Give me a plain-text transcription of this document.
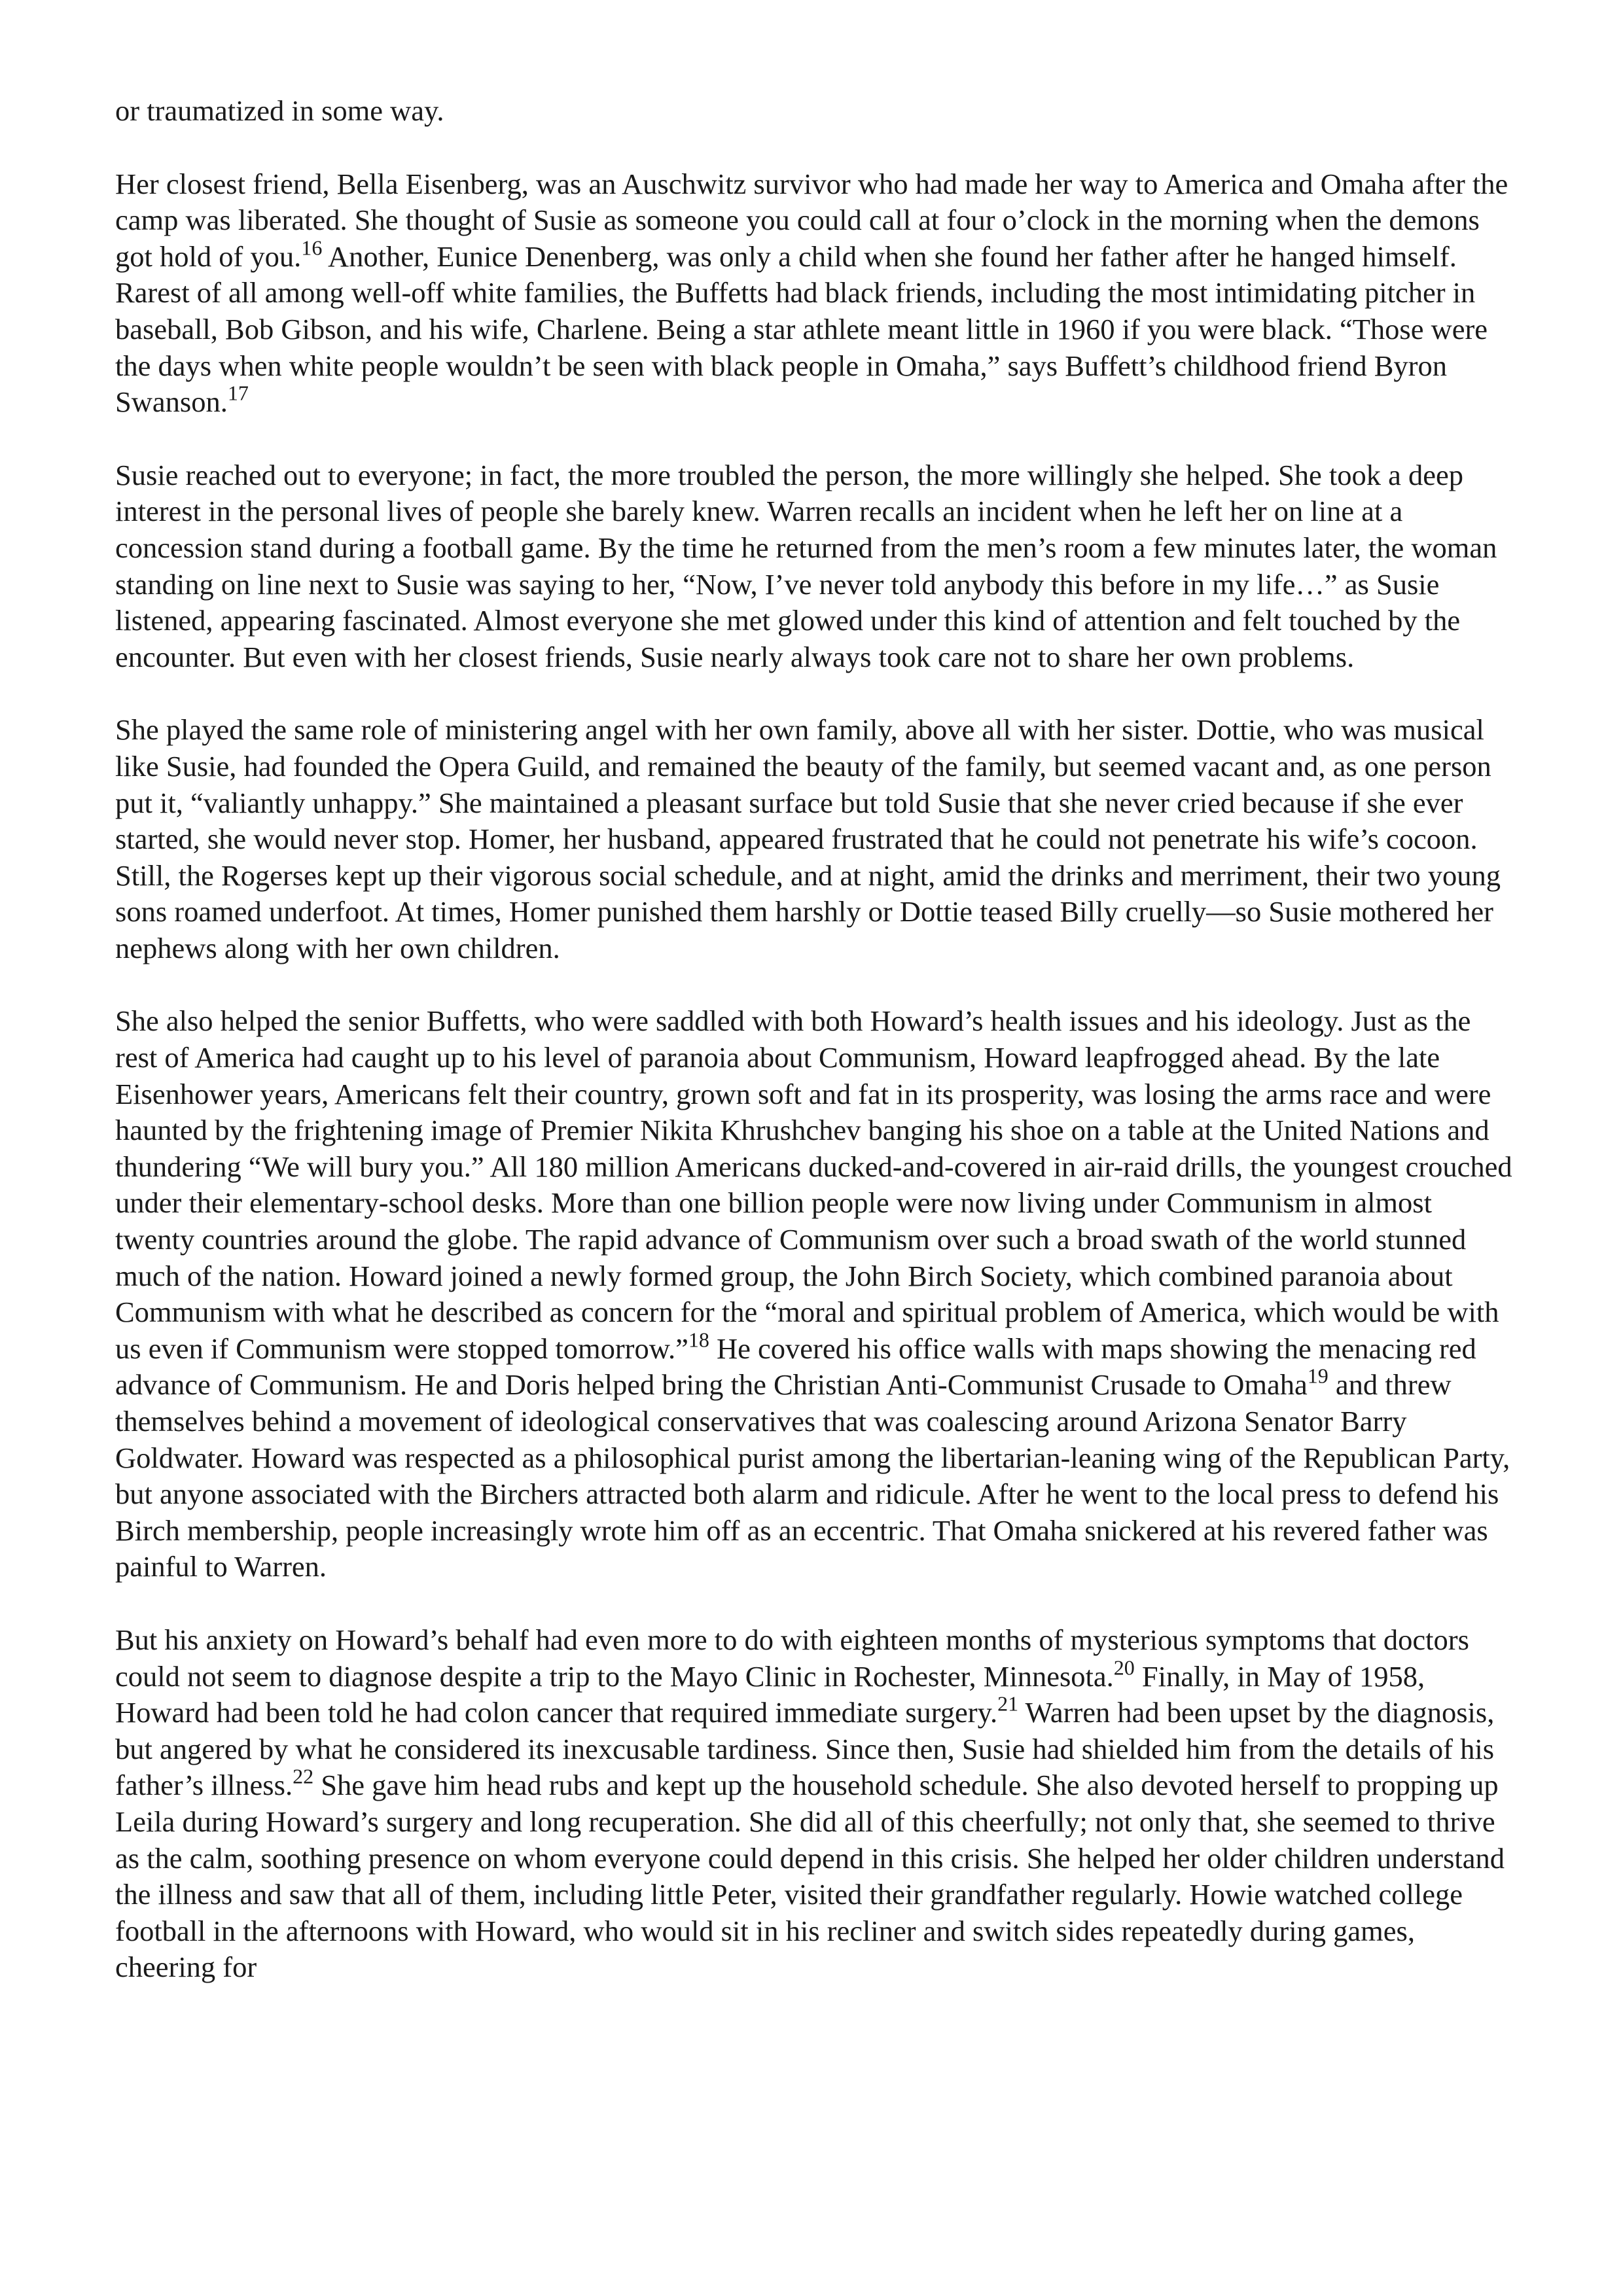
or traumatized in some way.

Her closest friend, Bella Eisenberg, was an Auschwitz survivor who had made her way to America and Omaha after the camp was liberated. She thought of Susie as someone you could call at four o’clock in the morning when the demons got hold of you.$^{16}$ Another, Eunice Denenberg, was only a child when she found her father after he hanged himself. Rarest of all among well-off white families, the Buffetts had black friends, including the most intimidating pitcher in baseball, Bob Gibson, and his wife, Charlene. Being a star athlete meant little in 1960 if you were black. “Those were the days when white people wouldn’t be seen with black people in Omaha,” says Buffett’s childhood friend Byron Swanson.$^{17}$

Susie reached out to everyone; in fact, the more troubled the person, the more willingly she helped. She took a deep interest in the personal lives of people she barely knew. Warren recalls an incident when he left her on line at a concession stand during a football game. By the time he returned from the men’s room a few minutes later, the woman standing on line next to Susie was saying to her, “Now, I’ve never told anybody this before in my life…” as Susie listened, appearing fascinated. Almost everyone she met glowed under this kind of attention and felt touched by the encounter. But even with her closest friends, Susie nearly always took care not to share her own problems.

She played the same role of ministering angel with her own family, above all with her sister. Dottie, who was musical like Susie, had founded the Opera Guild, and remained the beauty of the family, but seemed vacant and, as one person put it, “valiantly unhappy.” She maintained a pleasant surface but told Susie that she never cried because if she ever started, she would never stop. Homer, her husband, appeared frustrated that he could not penetrate his wife’s cocoon. Still, the Rogerses kept up their vigorous social schedule, and at night, amid the drinks and merriment, their two young sons roamed underfoot. At times, Homer punished them harshly or Dottie teased Billy cruelly—so Susie mothered her nephews along with her own children.

She also helped the senior Buffetts, who were saddled with both Howard’s health issues and his ideology. Just as the rest of America had caught up to his level of paranoia about Communism, Howard leapfrogged ahead. By the late Eisenhower years, Americans felt their country, grown soft and fat in its prosperity, was losing the arms race and were haunted by the frightening image of Premier Nikita Khrushchev banging his shoe on a table at the United Nations and thundering “We will bury you.” All 180 million Americans ducked-and-covered in air-raid drills, the youngest crouched under their elementary-school desks. More than one billion people were now living under Communism in almost twenty countries around the globe. The rapid advance of Communism over such a broad swath of the world stunned much of the nation. Howard joined a newly formed group, the John Birch Society, which combined paranoia about Communism with what he described as concern for the “moral and spiritual problem of America, which would be with us even if Communism were stopped tomorrow.”$^{18}$ He covered his office walls with maps showing the menacing red advance of Communism. He and Doris helped bring the Christian Anti-Communist Crusade to Omaha$^{19}$ and threw themselves behind a movement of ideological conservatives that was coalescing around Arizona Senator Barry Goldwater. Howard was respected as a philosophical purist among the libertarian-leaning wing of the Republican Party, but anyone associated with the Birchers attracted both alarm and ridicule. After he went to the local press to defend his Birch membership, people increasingly wrote him off as an eccentric. That Omaha snickered at his revered father was painful to Warren.

But his anxiety on Howard’s behalf had even more to do with eighteen months of mysterious symptoms that doctors could not seem to diagnose despite a trip to the Mayo Clinic in Rochester, Minnesota.$^{20}$ Finally, in May of 1958, Howard had been told he had colon cancer that required immediate surgery.$^{21}$ Warren had been upset by the diagnosis, but angered by what he considered its inexcusable tardiness. Since then, Susie had shielded him from the details of his father’s illness.$^{22}$ She gave him head rubs and kept up the household schedule. She also devoted herself to propping up Leila during Howard’s surgery and long recuperation. She did all of this cheerfully; not only that, she seemed to thrive as the calm, soothing presence on whom everyone could depend in this crisis. She helped her older children understand the illness and saw that all of them, including little Peter, visited their grandfather regularly. Howie watched college football in the afternoons with Howard, who would sit in his recliner and switch sides repeatedly during games, cheering for
